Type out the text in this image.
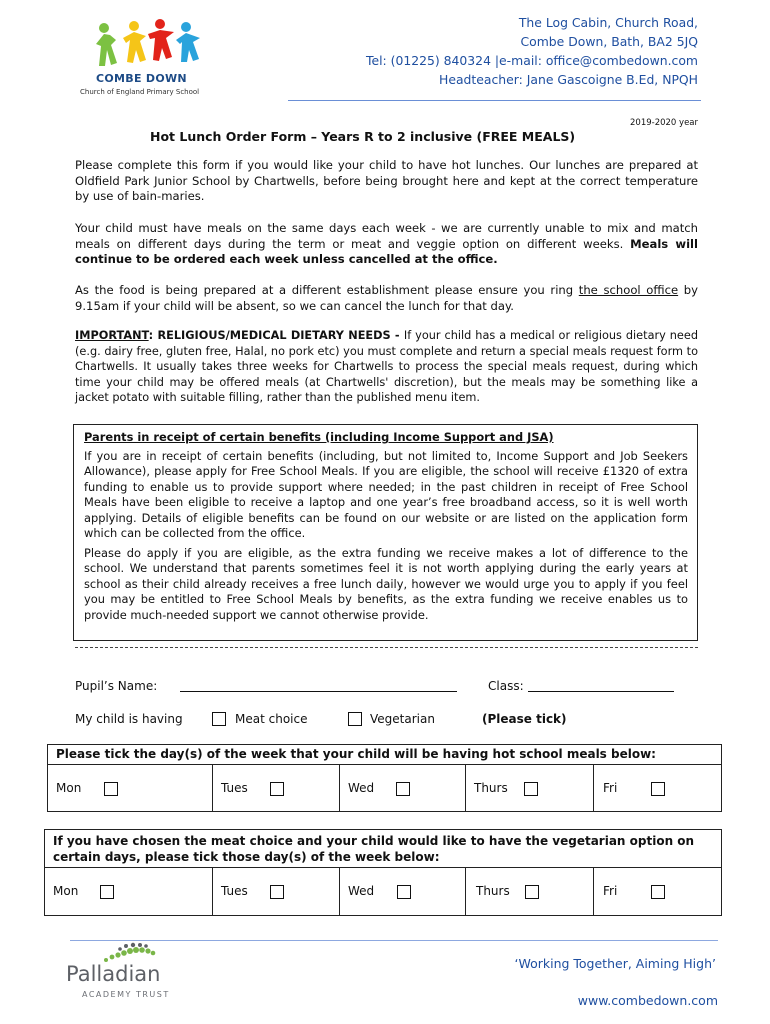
COMBE DOWN
Church of England Primary School
The Log Cabin, Church Road,
Combe Down, Bath, BA2 5JQ
Tel: (01225) 840324 |e-mail: office@combedown.com
Headteacher: Jane Gascoigne B.Ed, NPQH
2019-2020 year
Hot Lunch Order Form – Years R to 2 inclusive (FREE MEALS)
Please complete this form if you would like your child to have hot lunches. Our lunches are prepared at Oldfield Park Junior School by Chartwells, before being brought here and kept at the correct temperature by use of bain-maries.
Your child must have meals on the same days each week - we are currently unable to mix and match meals on different days during the term or meat and veggie option on different weeks. Meals will continue to be ordered each week unless cancelled at the office.
As the food is being prepared at a different establishment please ensure you ring the school office by 9.15am if your child will be absent, so we can cancel the lunch for that day.
IMPORTANT: RELIGIOUS/MEDICAL DIETARY NEEDS - If your child has a medical or religious dietary need (e.g. dairy free, gluten free, Halal, no pork etc) you must complete and return a special meals request form to Chartwells. It usually takes three weeks for Chartwells to process the special meals request, during which time your child may be offered meals (at Chartwells' discretion), but the meals may be something like a jacket potato with suitable filling, rather than the published menu item.
Parents in receipt of certain benefits (including Income Support and JSA)
If you are in receipt of certain benefits (including, but not limited to, Income Support and Job Seekers Allowance), please apply for Free School Meals. If you are eligible, the school will receive £1320 of extra funding to enable us to provide support where needed; in the past children in receipt of Free School Meals have been eligible to receive a laptop and one year’s free broadband access, so it is well worth applying. Details of eligible benefits can be found on our website or are listed on the application form which can be collected from the office.
Please do apply if you are eligible, as the extra funding we receive makes a lot of difference to the school. We understand that parents sometimes feel it is not worth applying during the early years at school as their child already receives a free lunch daily, however we would urge you to apply if you feel you may be entitled to Free School Meals by benefits, as the extra funding we receive enables us to provide much-needed support we cannot otherwise provide.
Pupil’s Name:	Class:
My child is having	Meat choice	Vegetarian	(Please tick)
Please tick the day(s) of the week that your child will be having hot school meals below:
Mon	Tues	Wed	Thurs	Fri
If you have chosen the meat choice and your child would like to have the vegetarian option on certain days, please tick those day(s) of the week below:
Mon	Tues	Wed	Thurs	Fri
Palladian
ACADEMY TRUST
‘Working Together, Aiming High’
www.combedown.com
